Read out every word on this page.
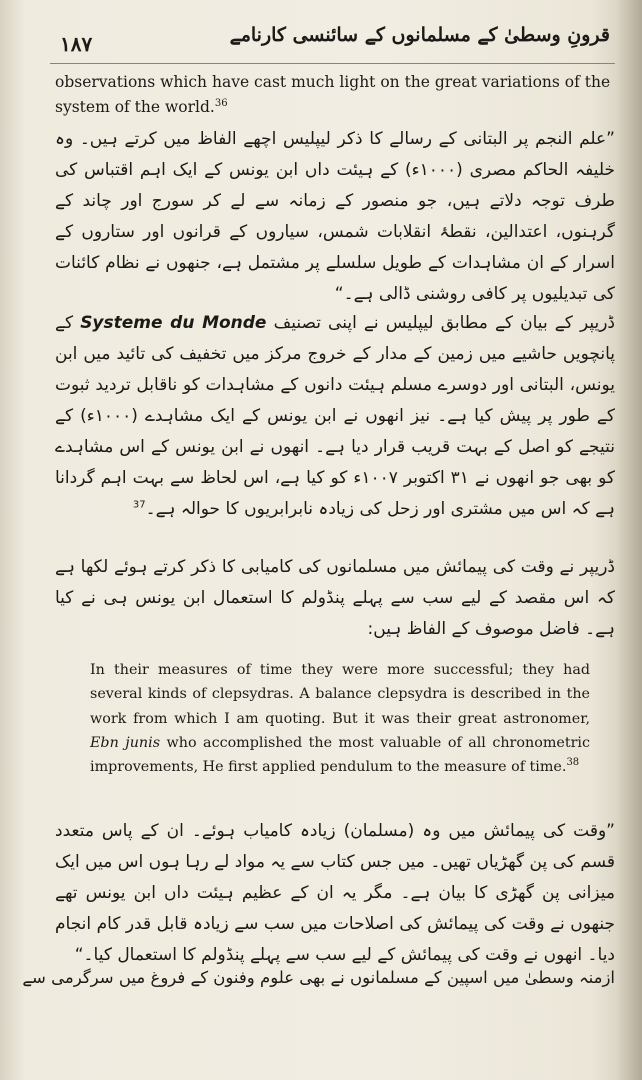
۱۸۷	قرونِ وسطیٰ کے مسلمانوں کے سائنسی کارنامے

observations which have cast much light on the great variations of the system of the world.$^{36}$

”علم النجم پر البتانی کے رسالے کا ذکر لیپلیس اچھے الفاظ میں کرتے ہیں۔ وہ خلیفہ الحاکم مصری (۱۰۰۰ء) کے ہیئت داں ابن یونس کے ایک اہم اقتباس کی طرف توجہ دلاتے ہیں، جو منصور کے زمانہ سے لے کر سورج اور چاند کے گرہنوں، اعتدالین، نقطۂ انقلابات شمس، سیاروں کے قرانوں اور ستاروں کے اسرار کے ان مشاہدات کے طویل سلسلے پر مشتمل ہے، جنھوں نے نظام کائنات کی تبدیلیوں پر کافی روشنی ڈالی ہے۔“

ڈریپر کے بیان کے مطابق لیپلیس نے اپنی تصنیف Systeme du Monde کے پانچویں حاشیے میں زمین کے مدار کے خروج مرکز میں تخفیف کی تائید میں ابن یونس، البتانی اور دوسرے مسلم ہیئت دانوں کے مشاہدات کو ناقابل تردید ثبوت کے طور پر پیش کیا ہے۔ نیز انھوں نے ابن یونس کے ایک مشاہدے (۱۰۰۰ء) کے نتیجے کو اصل کے بہت قریب قرار دیا ہے۔ انھوں نے ابن یونس کے اس مشاہدے کو بھی جو انھوں نے ۳۱ اکتوبر ۱۰۰۷ء کو کیا ہے، اس لحاظ سے بہت اہم گردانا ہے کہ اس میں مشتری اور زحل کی زیادہ نابرابریوں کا حوالہ ہے۔$^{37}$

ڈریپر نے وقت کی پیمائش میں مسلمانوں کی کامیابی کا ذکر کرتے ہوئے لکھا ہے کہ اس مقصد کے لیے سب سے پہلے پنڈولم کا استعمال ابن یونس ہی نے کیا ہے۔ فاضل موصوف کے الفاظ ہیں:

In their measures of time they were more successful; they had several kinds of clepsydras. A balance clepsydra is described in the work from which I am quoting. But it was their great astronomer, Ebn junis who accomplished the most valuable of all chronometric improvements, He first applied pendulum to the measure of time.$^{38}$

”وقت کی پیمائش میں وہ (مسلمان) زیادہ کامیاب ہوئے۔ ان کے پاس متعدد قسم کی پن گھڑیاں تھیں۔ میں جس کتاب سے یہ مواد لے رہا ہوں اس میں ایک میزانی پن گھڑی کا بیان ہے۔ مگر یہ ان کے عظیم ہیئت داں ابن یونس تھے جنھوں نے وقت کی پیمائش کی اصلاحات میں سب سے زیادہ قابل قدر کام انجام دیا۔ انھوں نے وقت کی پیمائش کے لیے سب سے پہلے پنڈولم کا استعمال کیا۔“

ازمنہ وسطیٰ میں اسپین کے مسلمانوں نے بھی علوم وفنون کے فروغ میں سرگرمی سے
